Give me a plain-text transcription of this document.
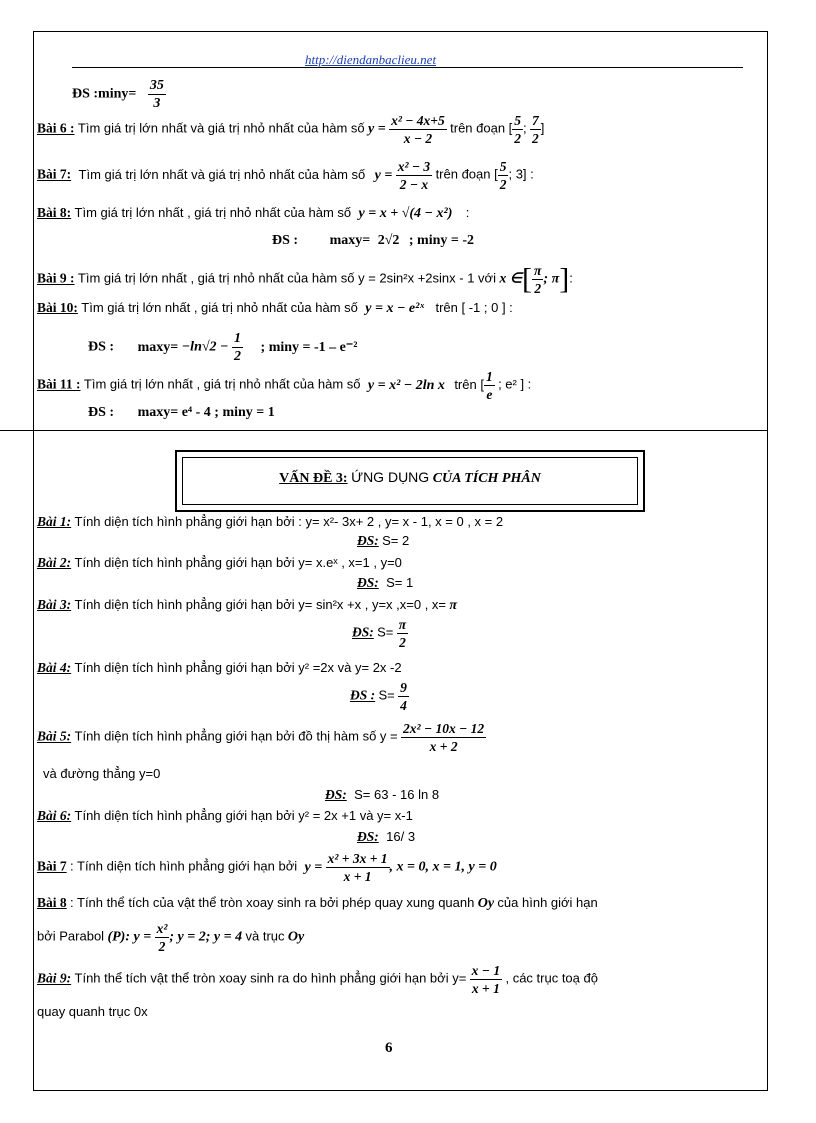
http://diendanbaclieu.net
ĐS :miny= $\frac{35}{3}$
Bài 6 : Tìm giá trị lớn nhất và giá trị nhỏ nhất của hàm số $y = \frac{\text{x² − 4x+5}}{x - 2}$ trên đoạn [ $\frac{5}{2}$ ; $\frac{7}{2}$ ]
Bài 7: Tìm giá trị lớn nhất và giá trị nhỏ nhất của hàm số $y = \frac{\text{x² − 3}}{2 - x}$ trên đoạn [ $\frac{5}{2}$ ; 3] :
Bài 8: Tìm giá trị lớn nhất , giá trị nhỏ nhất của hàm số y = x + √(4 − x²) :
ĐS : maxy= 2√2 ; miny = -2
Bài 9 : Tìm giá trị lớn nhất , giá trị nhỏ nhất của hàm số y = 2sin²x +2sinx - 1 với x ∈[ $\frac{\pi}{2}$ ; π]:
Bài 10: Tìm giá trị lớn nhất , giá trị nhỏ nhất của hàm số y = x − e²ˣ trên [ -1 ; 0 ] :
ĐS : $\max y= -\ln√2 - \frac{1}{2}$ ; miny = -1 – e⁻²
Bài 11 : Tìm giá trị lớn nhất , giá trị nhỏ nhất của hàm số y = x² − 2ln x trên [ $\frac{1}{e}$ ; e² ] :
ĐS : maxy= e⁴ - 4 ; miny = 1
VẤN ĐỀ 3: ỨNG DỤNG CỦA TÍCH PHÂN
Bài 1: Tính diện tích hình phẳng giới hạn bởi : y= x²- 3x+ 2 , y= x - 1, x = 0 , x = 2
ĐS: S= 2
Bài 2: Tính diện tích hình phẳng giới hạn bởi y= x.eˣ , x=1 , y=0
ĐS: S= 1
Bài 3: Tính diện tích hình phẳng giới hạn bởi y= sin²x +x , y=x ,x=0 , x= π
ĐS: $S= \frac{\pi}{2}$
Bài 4: Tính diện tích hình phẳng giới hạn bởi y² =2x và y= 2x -2
ĐS : $S= \frac{9}{4}$
Bài 5: Tính diện tích hình phẳng giới hạn bởi đồ thị hàm số $y = \frac{\text{2x² − 10x − 12}}{x + 2}$
và đường thẳng y=0
ĐS: S= 63 - 16 ln 8
Bài 6: Tính diện tích hình phẳng giới hạn bởi y² = 2x +1 và y= x-1
ĐS: 16/ 3
Bài 7 : Tính diện tích hình phẳng giới hạn bởi $y = \frac{\text{x² + 3x + 1}}{x + 1}$ , x = 0, x = 1, y = 0
Bài 8 : Tính thể tích của vật thể tròn xoay sinh ra bởi phép quay xung quanh Oy của hình giới hạn
bởi Parabol (P): $y = \frac{\text{x²}}{2}$ ; y = 2; y = 4 và trục Oy
Bài 9: Tính thể tích vật thể tròn xoay sinh ra do hình phẳng giới hạn bởi $y= \frac{x - 1}{x + 1}$ , các trục toạ độ
quay quanh trục 0x
6
